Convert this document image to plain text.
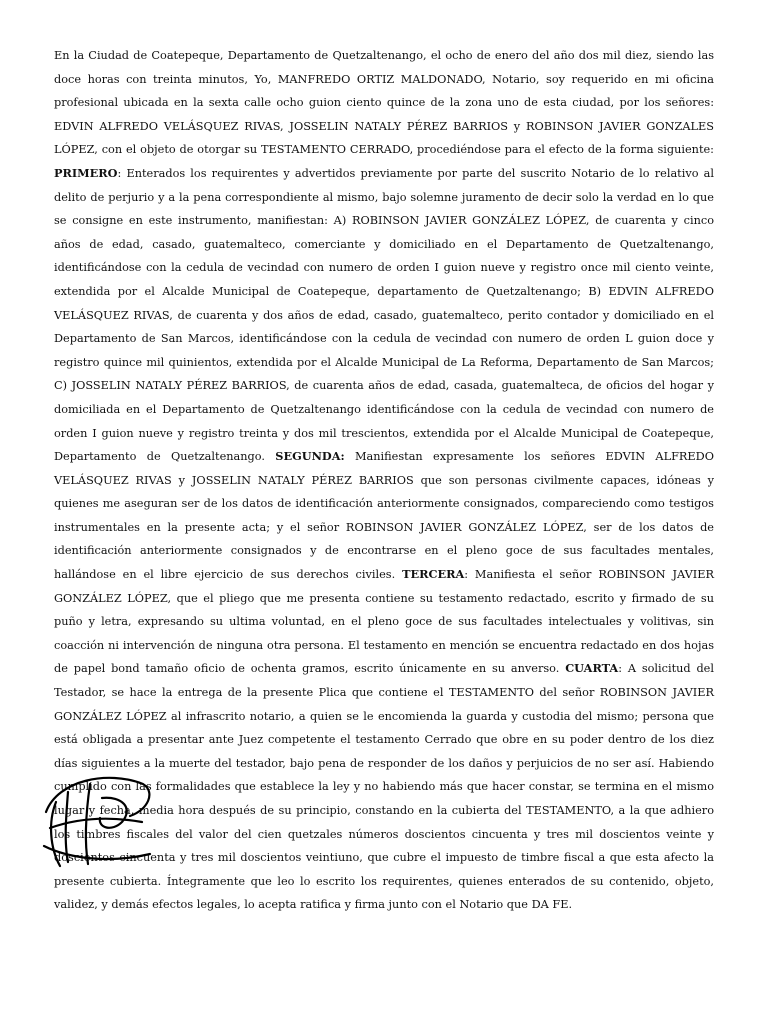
En la Ciudad de Coatepeque, Departamento de Quetzaltenango, el ocho de enero del año dos mil diez, siendo las doce horas con treinta minutos, Yo, MANFREDO ORTIZ MALDONADO, Notario, soy requerido en mi oficina profesional ubicada en la sexta calle ocho guion ciento quince de la zona uno de esta ciudad, por los señores: EDVIN ALFREDO VELÁSQUEZ RIVAS, JOSSELIN NATALY PÉREZ BARRIOS y ROBINSON JAVIER GONZALES LÓPEZ, con el objeto de otorgar su TESTAMENTO CERRADO, procediéndose para el efecto de la forma siguiente: PRIMERO: Enterados los requirentes y advertidos previamente por parte del suscrito Notario de lo relativo al delito de perjurio y a la pena correspondiente al mismo, bajo solemne juramento de decir solo la verdad en lo que se consigne en este instrumento, manifiestan: A) ROBINSON JAVIER GONZÁLEZ LÓPEZ, de cuarenta y cinco años de edad, casado, guatemalteco, comerciante y domiciliado en el Departamento de Quetzaltenango, identificándose con la cedula de vecindad con numero de orden I guion nueve y registro once mil ciento veinte, extendida por el Alcalde Municipal de Coatepeque, departamento de Quetzaltenango; B) EDVIN ALFREDO VELÁSQUEZ RIVAS, de cuarenta y dos años de edad, casado, guatemalteco, perito contador y domiciliado en el Departamento de San Marcos, identificándose con la cedula de vecindad con numero de orden L guion doce y registro quince mil quinientos, extendida por el Alcalde Municipal de La Reforma, Departamento de San Marcos; C) JOSSELIN NATALY PÉREZ BARRIOS, de cuarenta años de edad, casada, guatemalteca, de oficios del hogar y domiciliada en el Departamento de Quetzaltenango identificándose con la cedula de vecindad con numero de orden I guion nueve y registro treinta y dos mil trescientos, extendida por el Alcalde Municipal de Coatepeque, Departamento de Quetzaltenango. SEGUNDA: Manifiestan expresamente los señores EDVIN ALFREDO VELÁSQUEZ RIVAS y JOSSELIN NATALY PÉREZ BARRIOS que son personas civilmente capaces, idóneas y quienes me aseguran ser de los datos de identificación anteriormente consignados, compareciendo como testigos instrumentales en la presente acta; y el señor ROBINSON JAVIER GONZÁLEZ LÓPEZ, ser de los datos de identificación anteriormente consignados y de encontrarse en el pleno goce de sus facultades mentales, hallándose en el libre ejercicio de sus derechos civiles. TERCERA: Manifiesta el señor ROBINSON JAVIER GONZÁLEZ LÓPEZ, que el pliego que me presenta contiene su testamento redactado, escrito y firmado de su puño y letra, expresando su ultima voluntad, en el pleno goce de sus facultades intelectuales y volitivas, sin coacción ni intervención de ninguna otra persona. El testamento en mención se encuentra redactado en dos hojas de papel bond tamaño oficio de ochenta gramos, escrito únicamente en su anverso. CUARTA: A solicitud del Testador, se hace la entrega de la presente Plica que contiene el TESTAMENTO del señor ROBINSON JAVIER GONZÁLEZ LÓPEZ al infrascrito notario, a quien se le encomienda la guarda y custodia del mismo; persona que está obligada a presentar ante Juez competente el testamento Cerrado que obre en su poder dentro de los diez días siguientes a la muerte del testador, bajo pena de responder de los daños y perjuicios de no ser así. Habiendo cumplido con las formalidades que establece la ley y no habiendo más que hacer constar, se termina en el mismo lugar y fecha, media hora después de su principio, constando en la cubierta del TESTAMENTO, a la que adhiero los timbres fiscales del valor del cien quetzales números doscientos cincuenta y tres mil doscientos veinte y doscientos cincuenta y tres mil doscientos veintiuno, que cubre el impuesto de timbre fiscal a que esta afecto la presente cubierta. Íntegramente que leo lo escrito los requirentes, quienes enterados de su contenido, objeto, validez, y demás efectos legales, lo acepta ratifica y firma junto con el Notario que DA FE.
